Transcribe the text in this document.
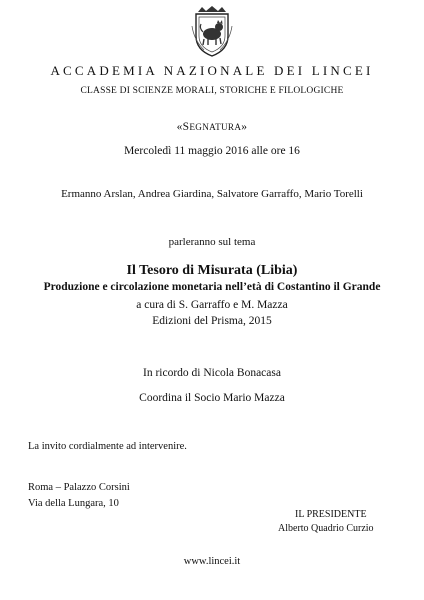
ACCADEMIA NAZIONALE DEI LINCEI
CLASSE DI SCIENZE MORALI, STORICHE E FILOLOGICHE
«SEGNATURA»
Mercoledì 11 maggio 2016 alle ore 16
Ermanno Arslan, Andrea Giardina, Salvatore Garraffo, Mario Torelli
parleranno sul tema
Il Tesoro di Misurata (Libia)
Produzione e circolazione monetaria nell’età di Costantino il Grande
a cura di S. Garraffo e M. Mazza
Edizioni del Prisma, 2015
In ricordo di Nicola Bonacasa
Coordina il Socio Mario Mazza
La invito cordialmente ad intervenire.
Roma – Palazzo Corsini
Via della Lungara, 10
IL PRESIDENTE
Alberto Quadrio Curzio
www.lincei.it
